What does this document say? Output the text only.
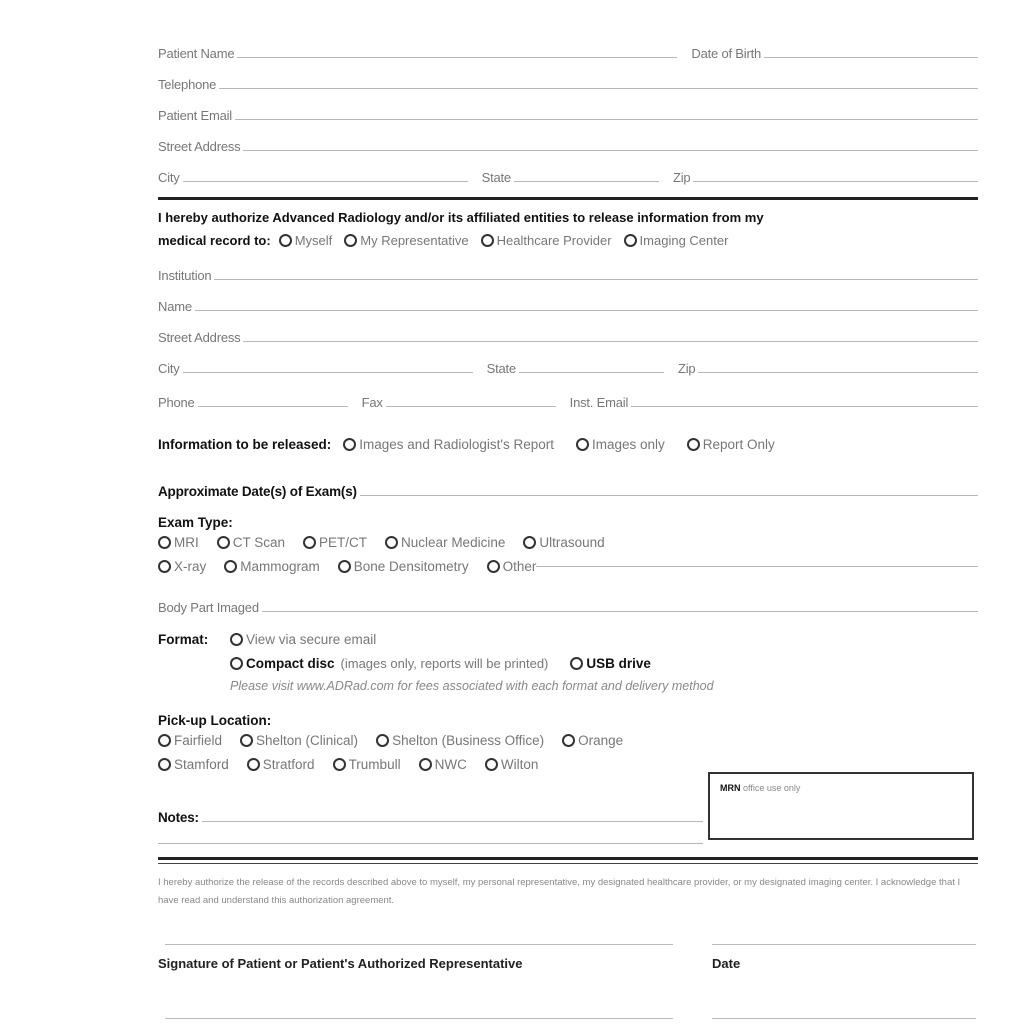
Patient Name	Date of Birth
Telephone
Patient Email
Street Address
City	State	Zip
I hereby authorize Advanced Radiology and/or its affiliated entities to release information from my
medical record to: Myself My Representative Healthcare Provider Imaging Center
Institution
Name
Street Address
City	State	Zip
Phone	Fax	Inst. Email
Information to be released: Images and Radiologist's Report	Images only	Report Only
Approximate Date(s) of Exam(s)
Exam Type:
MRI	CT Scan	PET/CT	Nuclear Medicine	Ultrasound
X-ray	Mammogram	Bone Densitometry	Other
Body Part Imaged
Format:	View via secure email
Compact disc (images only, reports will be printed)	USB drive
Please visit www.ADRad.com for fees associated with each format and delivery method
Pick-up Location:
Fairfield	Shelton (Clinical)	Shelton (Business Office)	Orange
Stamford	Stratford	Trumbull	NWC	Wilton
Notes:
I hereby authorize the release of the records described above to myself, my personal representative, my designated healthcare provider, or my designated imaging center. I acknowledge that I have read and understand this authorization agreement.
MRN office use only
Signature of Patient or Patient's Authorized Representative	Date
